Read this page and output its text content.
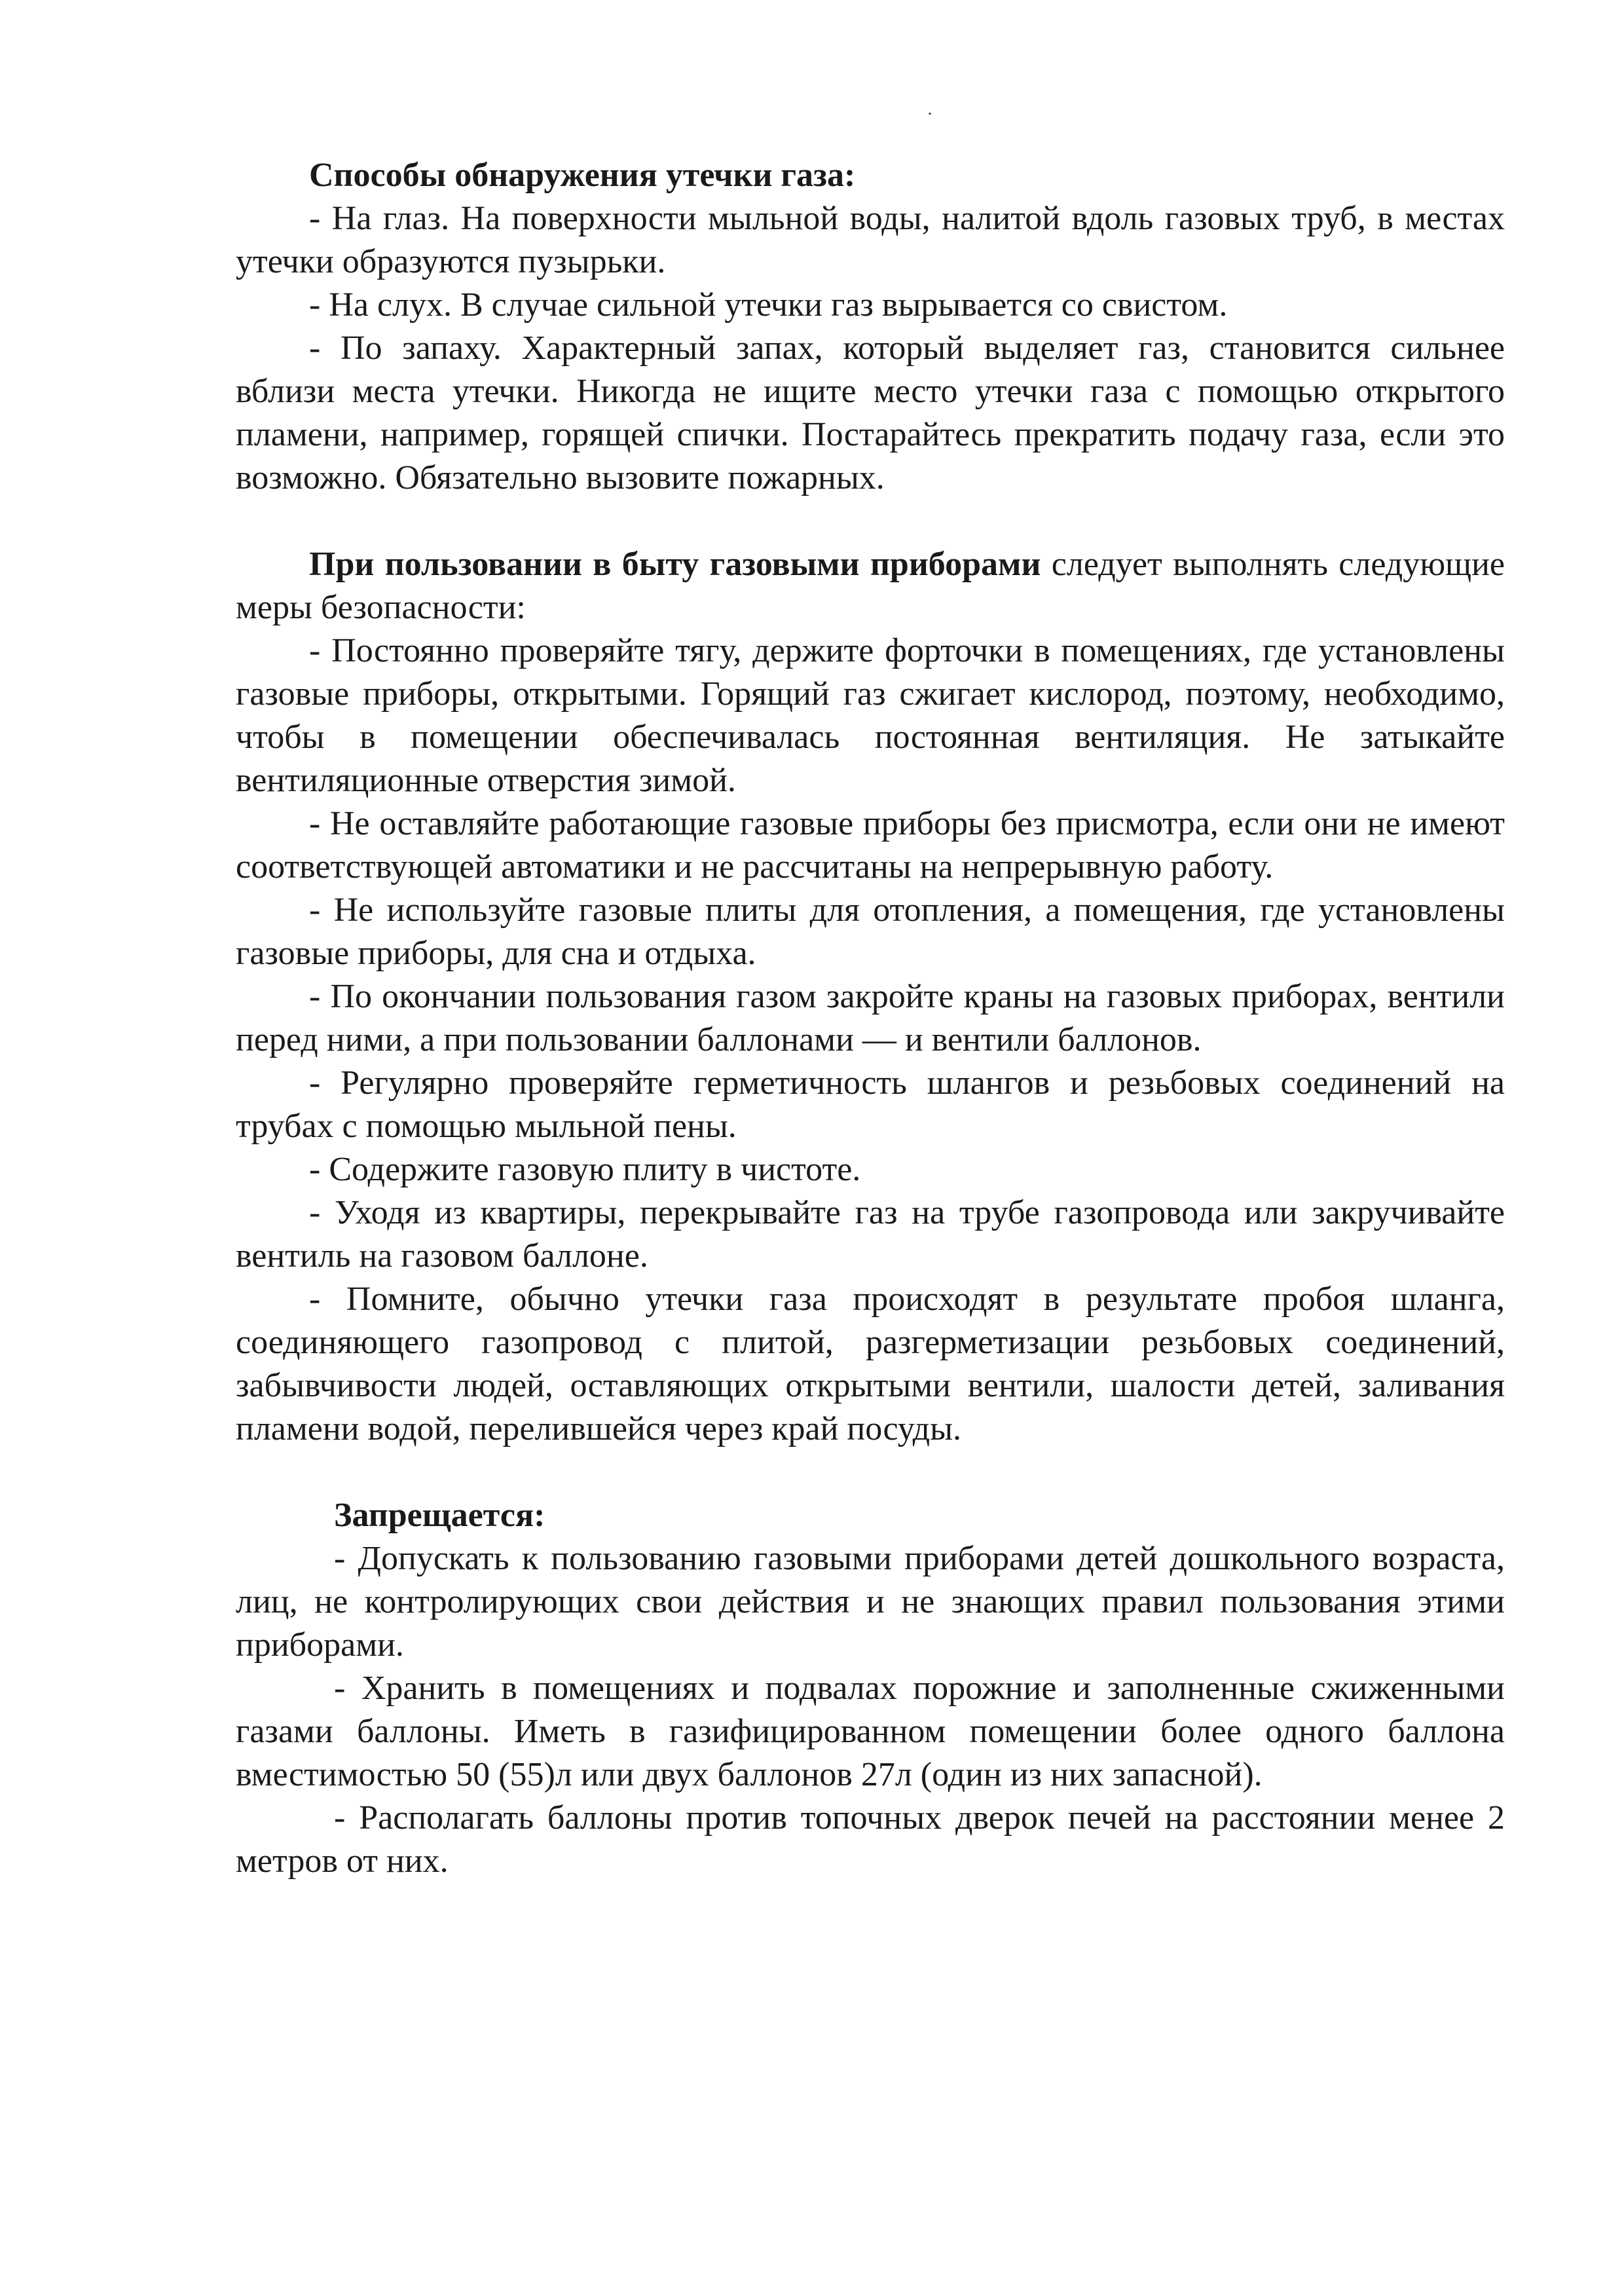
Способы обнаружения утечки газа:

- На глаз. На поверхности мыльной воды, налитой вдоль газовых труб, в местах утечки образуются пузырьки.

- На слух. В случае сильной утечки газ вырывается со свистом.

- По запаху. Характерный запах, который выделяет газ, становится сильнее вблизи места утечки. Никогда не ищите место утечки газа с помощью открытого пламени, например, горящей спички. Постарайтесь прекратить подачу газа, если это возможно. Обязательно вызовите пожарных.

При пользовании в быту газовыми приборами следует выполнять следующие меры безопасности:

- Постоянно проверяйте тягу, держите форточки в помещениях, где установлены газовые приборы, открытыми. Горящий газ сжигает кислород, поэтому, необходимо, чтобы в помещении обеспечивалась постоянная вентиляция. Не затыкайте вентиляционные отверстия зимой.

- Не оставляйте работающие газовые приборы без присмотра, если они не имеют соответствующей автоматики и не рассчитаны на непрерывную работу.

- Не используйте газовые плиты для отопления, а помещения, где установлены газовые приборы, для сна и отдыха.

- По окончании пользования газом закройте краны на газовых приборах, вентили перед ними, а при пользовании баллонами — и вентили баллонов.

- Регулярно проверяйте герметичность шлангов и резьбовых соединений на трубах с помощью мыльной пены.

- Содержите газовую плиту в чистоте.

- Уходя из квартиры, перекрывайте газ на трубе газопровода или закручивайте вентиль на газовом баллоне.

- Помните, обычно утечки газа происходят в результате пробоя шланга, соединяющего газопровод с плитой, разгерметизации резьбовых соединений, забывчивости людей, оставляющих открытыми вентили, шалости детей, заливания пламени водой, перелившейся через край посуды.

Запрещается:

- Допускать к пользованию газовыми приборами детей дошкольного возраста, лиц, не контролирующих свои действия и не знающих правил пользования этими приборами.

- Хранить в помещениях и подвалах порожние и заполненные сжиженными газами баллоны. Иметь в газифицированном помещении более одного баллона вместимостью 50 (55)л или двух баллонов 27л (один из них запасной).

- Располагать баллоны против топочных дверок печей на расстоянии менее 2 метров от них.
